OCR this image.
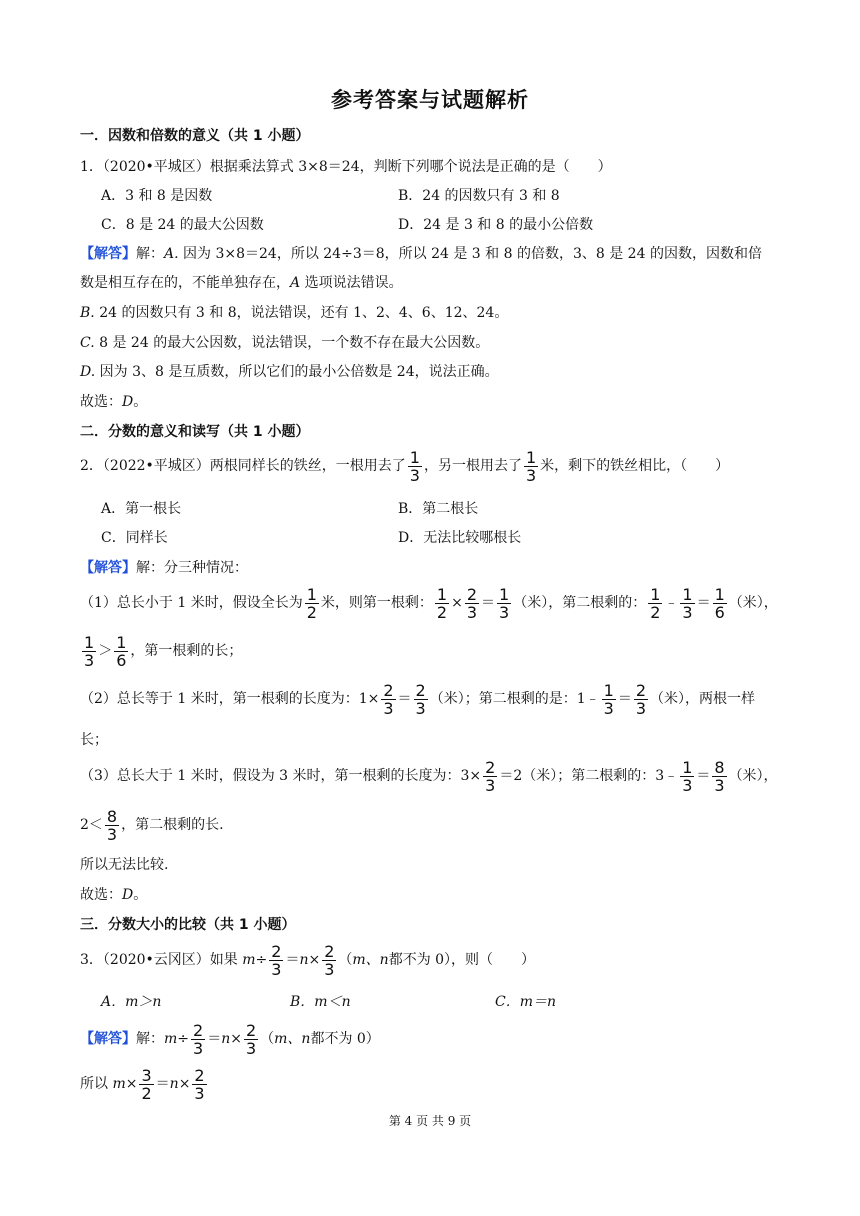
参考答案与试题解析
一．因数和倍数的意义（共 1 小题）
1．（2020•平城区）根据乘法算式 3×8＝24，判断下列哪个说法是正确的是（　　）
A．3 和 8 是因数	B．24 的因数只有 3 和 8
C．8 是 24 的最大公因数	D．24 是 3 和 8 的最小公倍数
【解答】解：A. 因为 3×8＝24，所以 24÷3＝8，所以 24 是 3 和 8 的倍数，3、8 是 24 的因数，因数和倍
数是相互存在的，不能单独存在，A 选项说法错误。
B. 24 的因数只有 3 和 8，说法错误，还有 1、2、4、6、12、24。
C. 8 是 24 的最大公因数，说法错误，一个数不存在最大公因数。
D. 因为 3、8 是互质数，所以它们的最小公倍数是 24，说法正确。
故选：D。
二．分数的意义和读写（共 1 小题）
2．（2022•平城区）两根同样长的铁丝，一根用去了 $\frac{1}{3}$ ，另一根用去了 $\frac{1}{3}$ 米，剩下的铁丝相比，（　　）
A．第一根长	B．第二根长
C．同样长	D．无法比较哪根长
【解答】解：分三种情况：
（1）总长小于 1 米时，假设全长为 $\frac{1}{2}$ 米，则第一根剩： $\frac{1}{2} \times \frac{2}{3} = \frac{1}{3}$ （米），第二根剩的： $\frac{1}{2}$ ﹣ $\frac{1}{3} = \frac{1}{6}$ （米），
$\frac{1}{3} > \frac{1}{6}$ ，第一根剩的长；
（2）总长等于 1 米时，第一根剩的长度为：$1\times \frac{2}{3} = \frac{2}{3}$ （米）；第二根剩的是：1﹣ $\frac{1}{3} = \frac{2}{3}$ （米），两根一样
长；
（3）总长大于 1 米时，假设为 3 米时，第一根剩的长度为：$3\times \frac{2}{3} =2$（米）；第二根剩的：3﹣ $\frac{1}{3} = \frac{8}{3}$ （米），
$2< \frac{8}{3}$ ，第二根剩的长.
所以无法比较.
故选：D。
三．分数大小的比较（共 1 小题）
3．（2020•云冈区）如果 $m\div \frac{2}{3} =n\times \frac{2}{3} (m$、n都不为 0），则（　　）
A．m＞n	B．m＜n	C．m＝n
【解答】解：$m\div \frac{2}{3} =n\times \frac{2}{3} (m$、n都不为 0）
所以 $m\times \frac{3}{2} =n\times \frac{2}{3}$
第 4 页 共 9 页
